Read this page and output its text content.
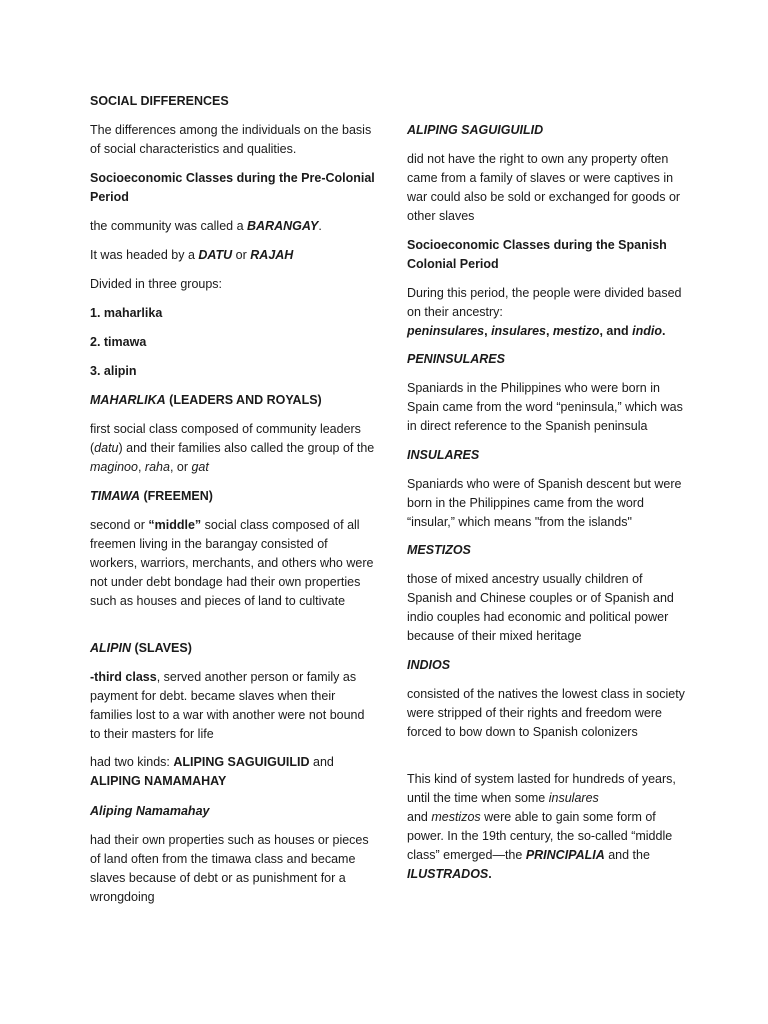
SOCIAL DIFFERENCES

The differences among the individuals on the basis of social characteristics and qualities.

Socioeconomic Classes during the Pre-Colonial Period

the community was called a BARANGAY.

It was headed by a DATU or RAJAH

Divided in three groups:

1. maharlika

2. timawa

3. alipin

MAHARLIKA (LEADERS AND ROYALS)

first social class composed of community leaders (datu) and their families also called the group of the maginoo, raha, or gat

TIMAWA (FREEMEN)

second or “middle” social class composed of all freemen living in the barangay consisted of workers, warriors, merchants, and others who were not under debt bondage had their own properties such as houses and pieces of land to cultivate

ALIPIN (SLAVES)

-third class, served another person or family as payment for debt. became slaves when their families lost to a war with another were not bound to their masters for life

had two kinds: ALIPING SAGUIGUILID and ALIPING NAMAMAHAY

Aliping Namamahay

had their own properties such as houses or pieces of land often from the timawa class and became slaves because of debt or as punishment for a wrongdoing

ALIPING SAGUIGUILID

did not have the right to own any property often came from a family of slaves or were captives in war could also be sold or exchanged for goods or other slaves

Socioeconomic Classes during the Spanish Colonial Period

During this period, the people were divided based on their ancestry:
peninsulares, insulares, mestizo, and indio.

PENINSULARES

Spaniards in the Philippines who were born in Spain came from the word “peninsula,” which was in direct reference to the Spanish peninsula

INSULARES

Spaniards who were of Spanish descent but were born in the Philippines came from the word “insular,” which means "from the islands"

MESTIZOS

those of mixed ancestry usually children of Spanish and Chinese couples or of Spanish and indio couples had economic and political power because of their mixed heritage

INDIOS

consisted of the natives the lowest class in society were stripped of their rights and freedom were forced to bow down to Spanish colonizers

This kind of system lasted for hundreds of years, until the time when some insulares
and mestizos were able to gain some form of power. In the 19th century, the so-called “middle class” emerged—the PRINCIPALIA and the ILUSTRADOS.
